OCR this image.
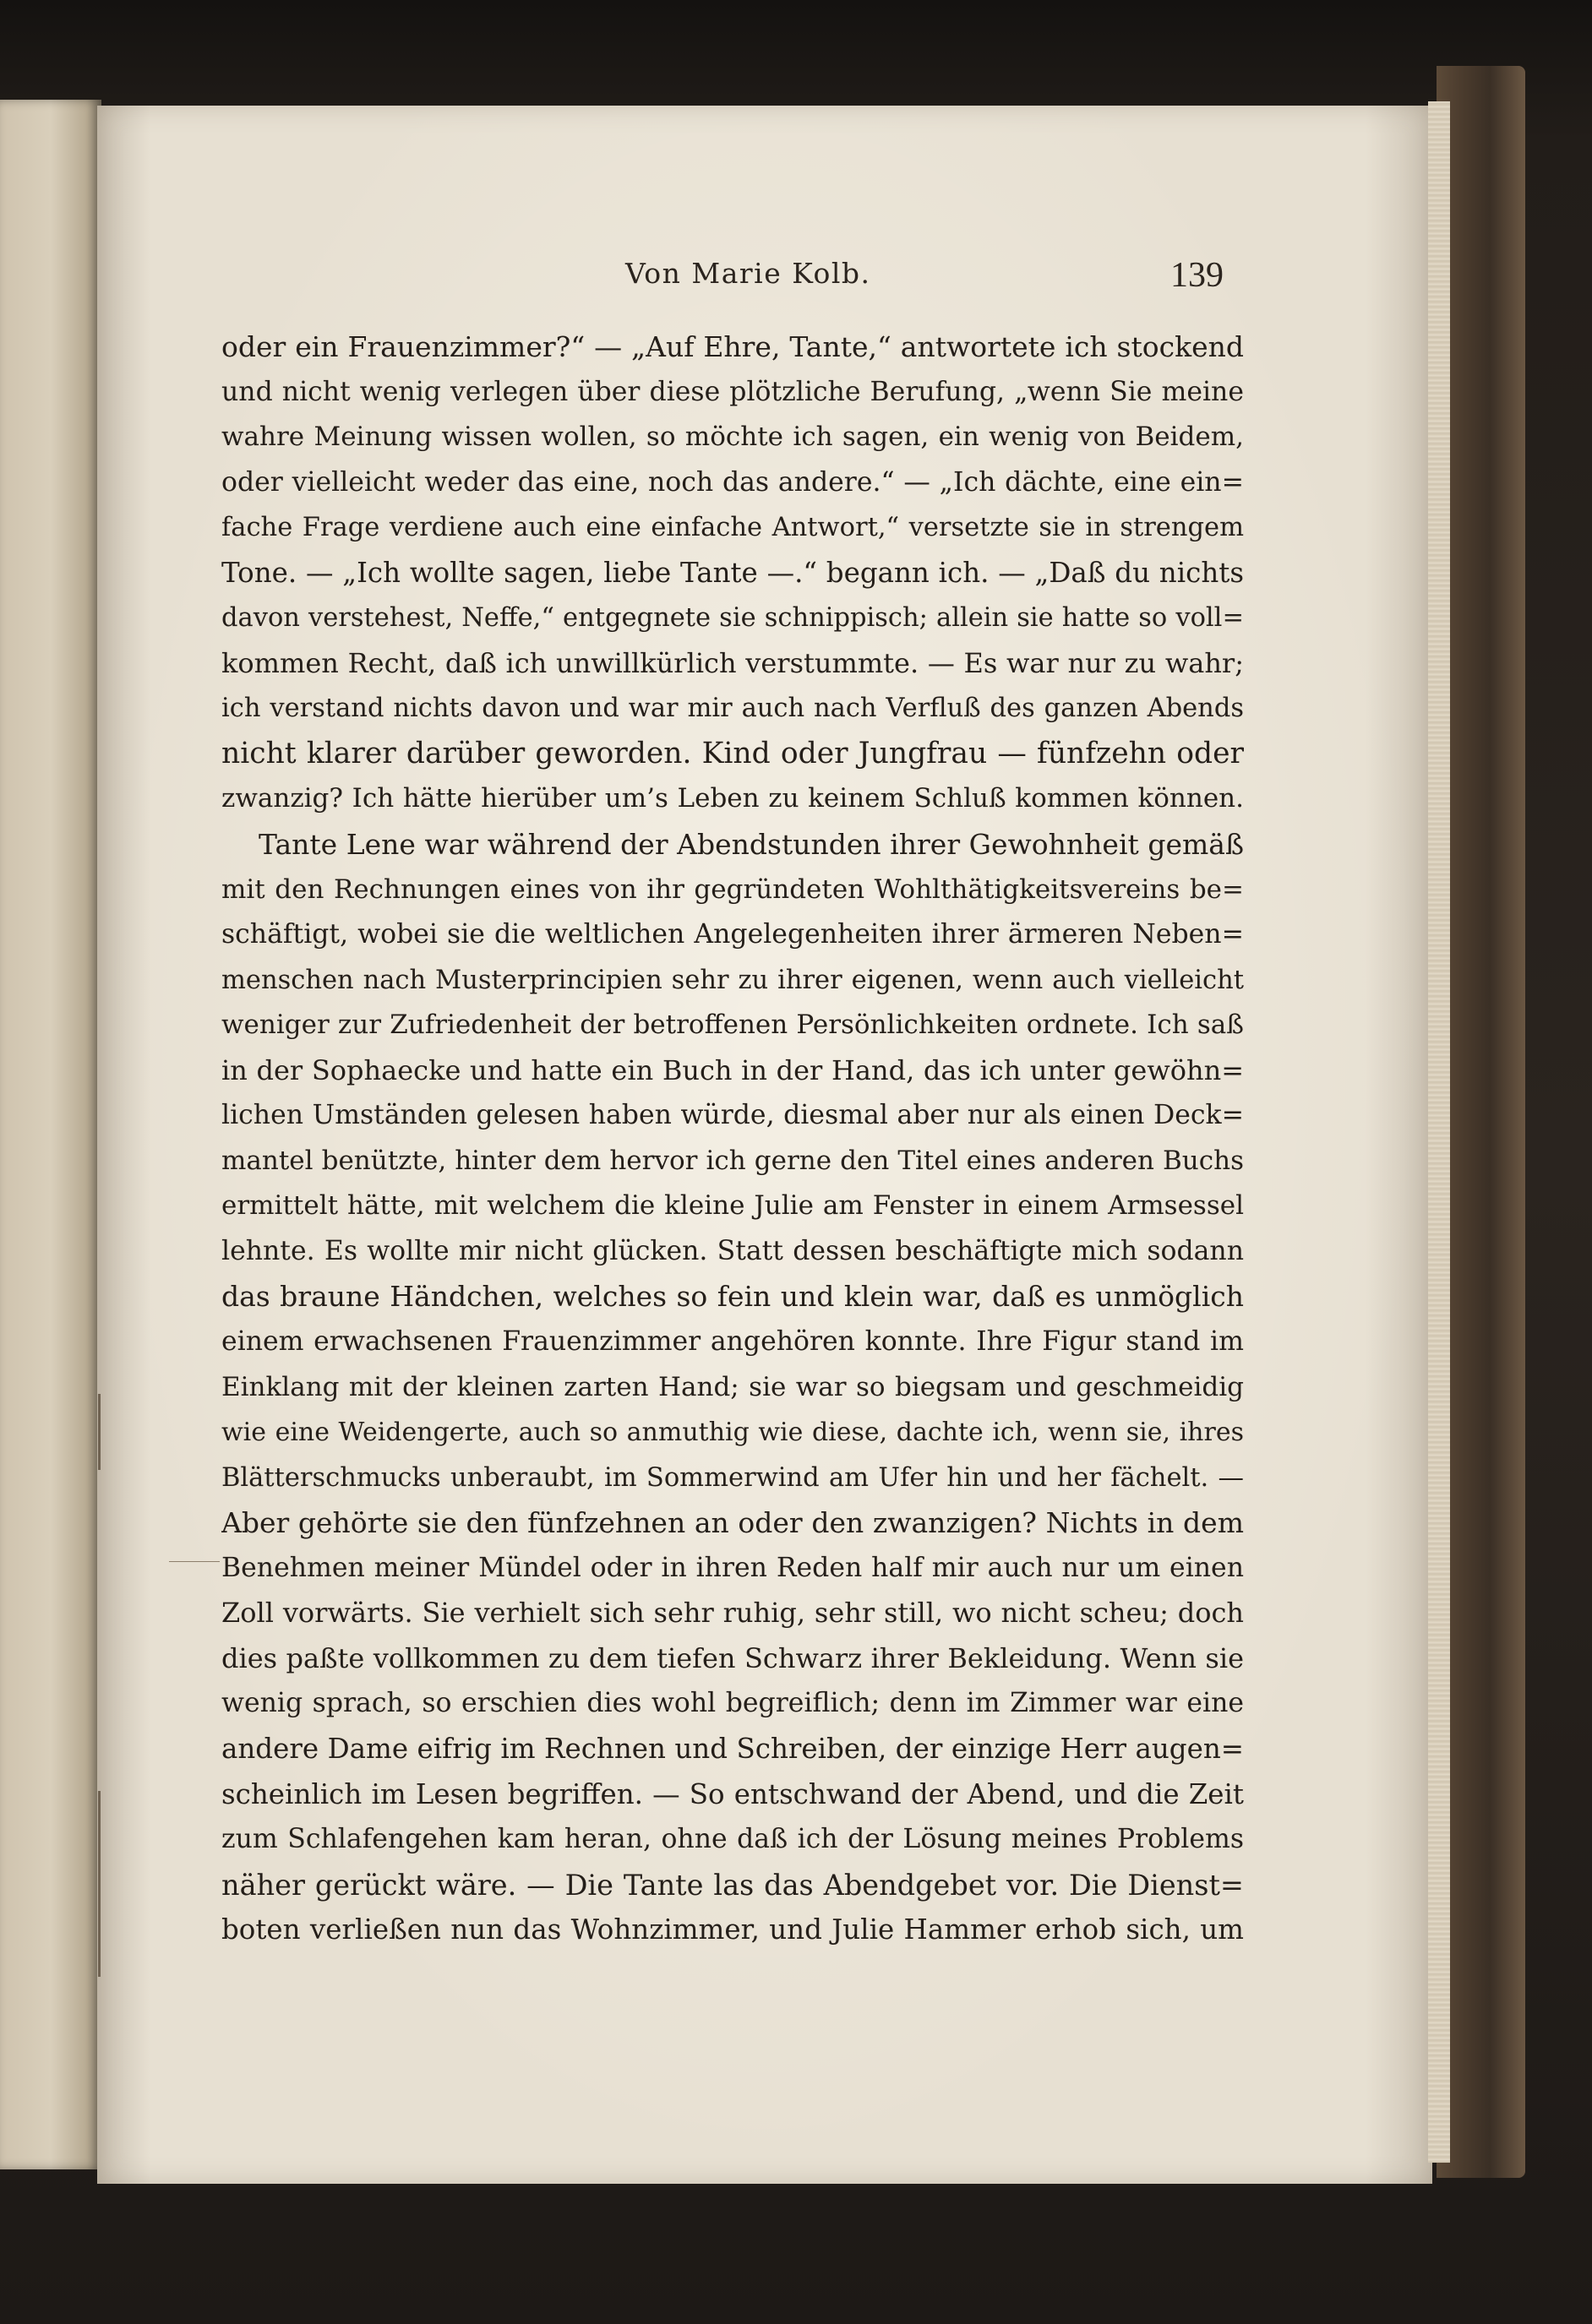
Von Marie Kolb.	139
oder ein Frauenzimmer?“ — „Auf Ehre, Tante,“ antwortete ich stockend
und nicht wenig verlegen über diese plötzliche Berufung, „wenn Sie meine
wahre Meinung wissen wollen, so möchte ich sagen, ein wenig von Beidem,
oder vielleicht weder das eine, noch das andere.“ — „Ich dächte, eine ein=
fache Frage verdiene auch eine einfache Antwort,“ versetzte sie in strengem
Tone. — „Ich wollte sagen, liebe Tante —.“ begann ich. — „Daß du nichts
davon verstehest, Neffe,“ entgegnete sie schnippisch; allein sie hatte so voll=
kommen Recht, daß ich unwillkürlich verstummte. — Es war nur zu wahr;
ich verstand nichts davon und war mir auch nach Verfluß des ganzen Abends
nicht klarer darüber geworden. Kind oder Jungfrau — fünfzehn oder
zwanzig? Ich hätte hierüber um’s Leben zu keinem Schluß kommen können.
Tante Lene war während der Abendstunden ihrer Gewohnheit gemäß
mit den Rechnungen eines von ihr gegründeten Wohlthätigkeitsvereins be=
schäftigt, wobei sie die weltlichen Angelegenheiten ihrer ärmeren Neben=
menschen nach Musterprincipien sehr zu ihrer eigenen, wenn auch vielleicht
weniger zur Zufriedenheit der betroffenen Persönlichkeiten ordnete. Ich saß
in der Sophaecke und hatte ein Buch in der Hand, das ich unter gewöhn=
lichen Umständen gelesen haben würde, diesmal aber nur als einen Deck=
mantel benützte, hinter dem hervor ich gerne den Titel eines anderen Buchs
ermittelt hätte, mit welchem die kleine Julie am Fenster in einem Armsessel
lehnte. Es wollte mir nicht glücken. Statt dessen beschäftigte mich sodann
das braune Händchen, welches so fein und klein war, daß es unmöglich
einem erwachsenen Frauenzimmer angehören konnte. Ihre Figur stand im
Einklang mit der kleinen zarten Hand; sie war so biegsam und geschmeidig
wie eine Weidengerte, auch so anmuthig wie diese, dachte ich, wenn sie, ihres
Blätterschmucks unberaubt, im Sommerwind am Ufer hin und her fächelt. —
Aber gehörte sie den fünfzehnen an oder den zwanzigen? Nichts in dem
Benehmen meiner Mündel oder in ihren Reden half mir auch nur um einen
Zoll vorwärts. Sie verhielt sich sehr ruhig, sehr still, wo nicht scheu; doch
dies paßte vollkommen zu dem tiefen Schwarz ihrer Bekleidung. Wenn sie
wenig sprach, so erschien dies wohl begreiflich; denn im Zimmer war eine
andere Dame eifrig im Rechnen und Schreiben, der einzige Herr augen=
scheinlich im Lesen begriffen. — So entschwand der Abend, und die Zeit
zum Schlafengehen kam heran, ohne daß ich der Lösung meines Problems
näher gerückt wäre. — Die Tante las das Abendgebet vor. Die Dienst=
boten verließen nun das Wohnzimmer, und Julie Hammer erhob sich, um
